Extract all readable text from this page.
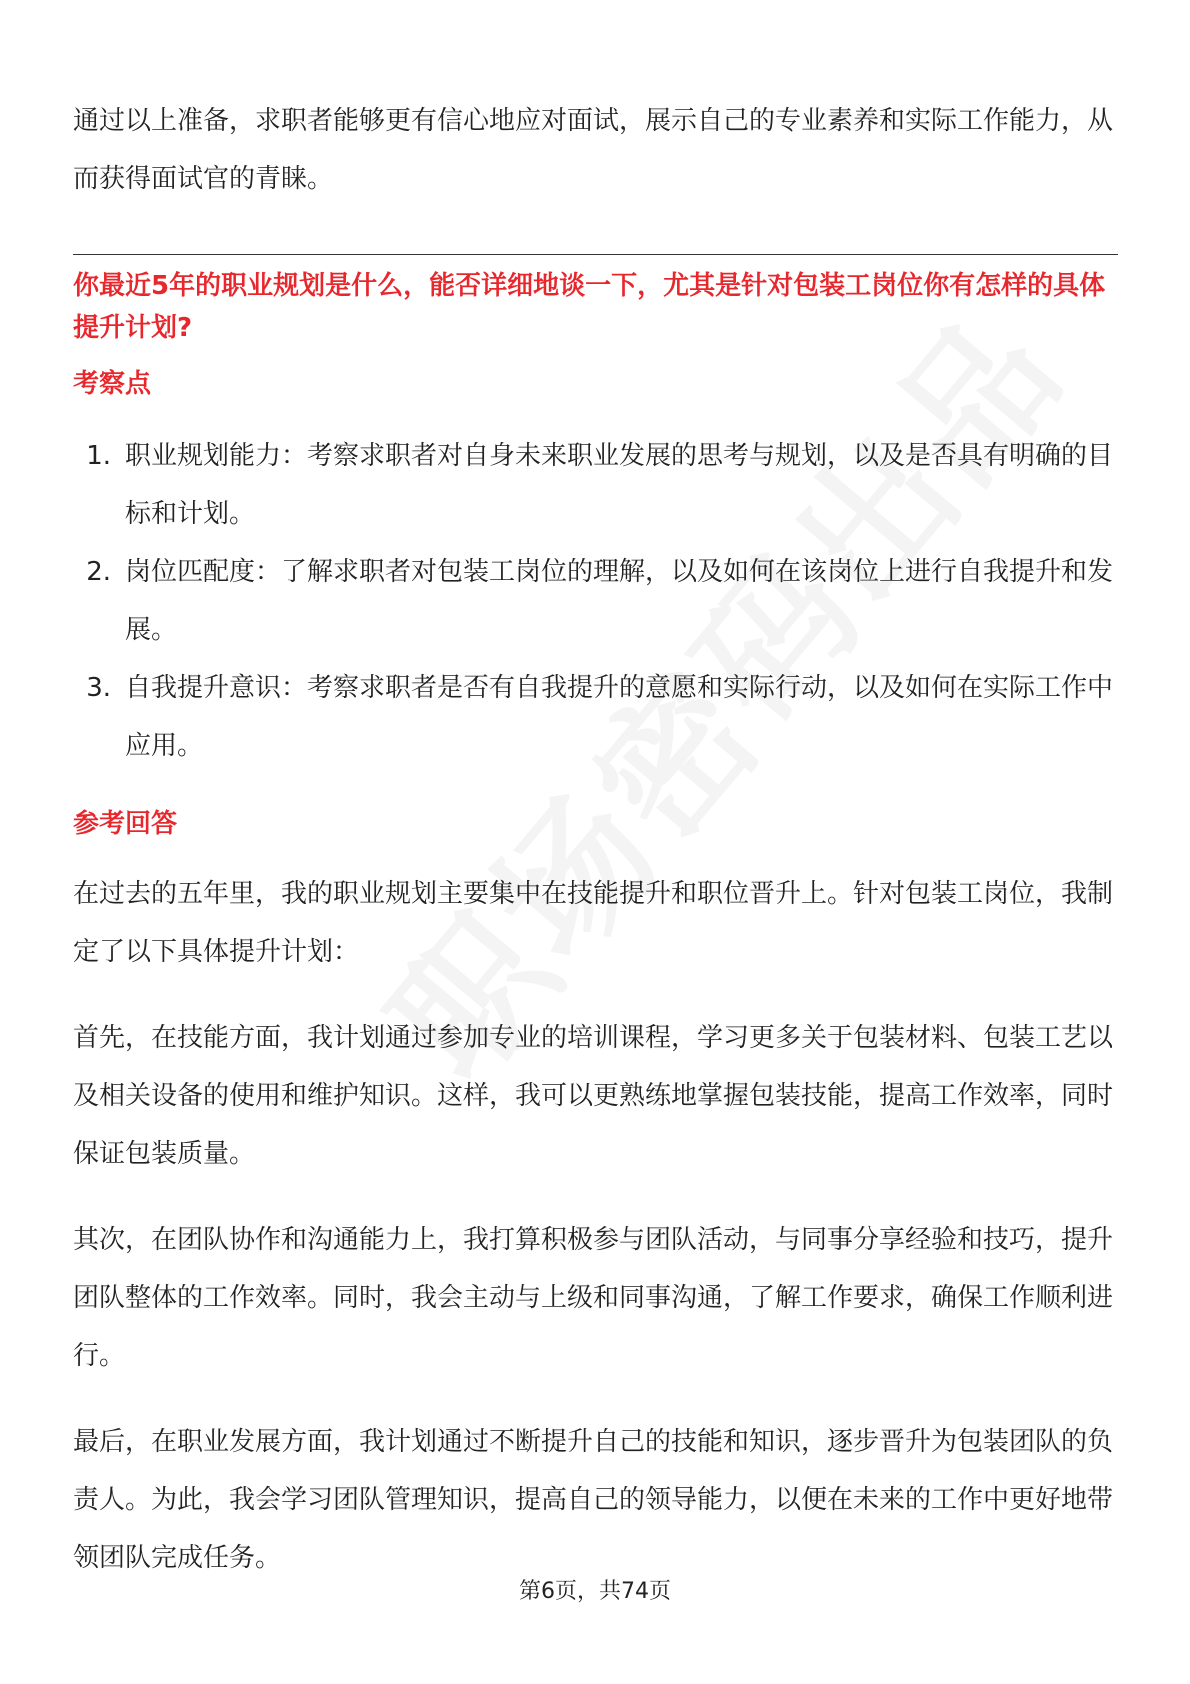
通过以上准备，求职者能够更有信心地应对面试，展示自己的专业素养和实际工作能力，从而获得面试官的青睐。

你最近5年的职业规划是什么，能否详细地谈一下，尤其是针对包装工岗位你有怎样的具体提升计划?

考察点

1. 职业规划能力：考察求职者对自身未来职业发展的思考与规划，以及是否具有明确的目标和计划。
2. 岗位匹配度：了解求职者对包装工岗位的理解，以及如何在该岗位上进行自我提升和发展。
3. 自我提升意识：考察求职者是否有自我提升的意愿和实际行动，以及如何在实际工作中应用。

参考回答

在过去的五年里，我的职业规划主要集中在技能提升和职位晋升上。针对包装工岗位，我制定了以下具体提升计划：

首先，在技能方面，我计划通过参加专业的培训课程，学习更多关于包装材料、包装工艺以及相关设备的使用和维护知识。这样，我可以更熟练地掌握包装技能，提高工作效率，同时保证包装质量。

其次，在团队协作和沟通能力上，我打算积极参与团队活动，与同事分享经验和技巧，提升团队整体的工作效率。同时，我会主动与上级和同事沟通，了解工作要求，确保工作顺利进行。

最后，在职业发展方面，我计划通过不断提升自己的技能和知识，逐步晋升为包装团队的负责人。为此，我会学习团队管理知识，提高自己的领导能力，以便在未来的工作中更好地带领团队完成任务。

第6页，共74页
